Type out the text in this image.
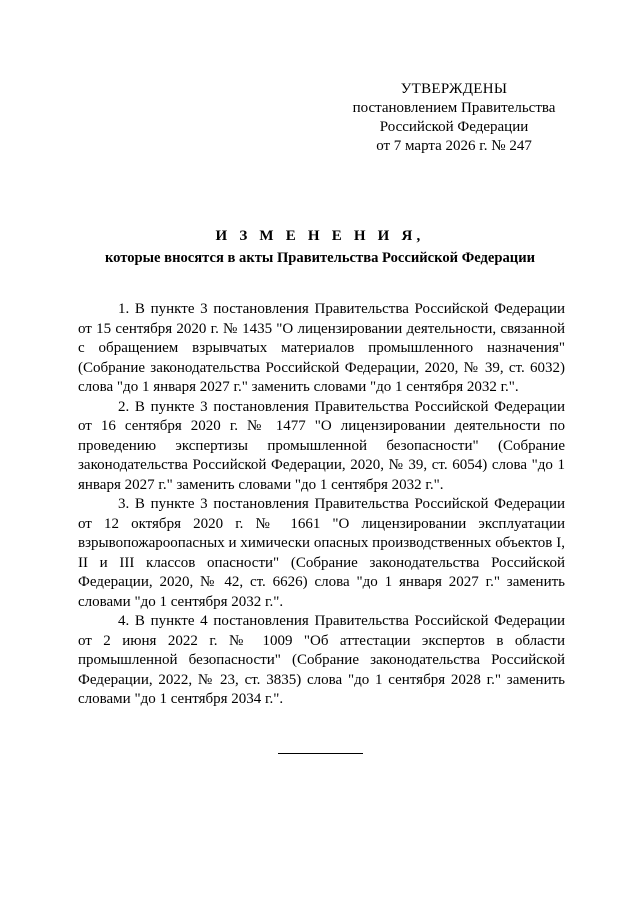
УТВЕРЖДЕНЫ
постановлением Правительства
Российской Федерации
от 7 марта 2026 г. № 247
И З М Е Н Е Н И Я,
которые вносятся в акты Правительства Российской Федерации

1. В пункте 3 постановления Правительства Российской Федерации от 15 сентября 2020 г. № 1435 "О лицензировании деятельности, связанной с обращением взрывчатых материалов промышленного назначения" (Собрание законодательства Российской Федерации, 2020, № 39, ст. 6032) слова "до 1 января 2027 г." заменить словами "до 1 сентября 2032 г.".

2. В пункте 3 постановления Правительства Российской Федерации от 16 сентября 2020 г. № 1477 "О лицензировании деятельности по проведению экспертизы промышленной безопасности" (Собрание законодательства Российской Федерации, 2020, № 39, ст. 6054) слова "до 1 января 2027 г." заменить словами "до 1 сентября 2032 г.".

3. В пункте 3 постановления Правительства Российской Федерации от 12 октября 2020 г. № 1661 "О лицензировании эксплуатации взрывопожароопасных и химически опасных производственных объектов I, II и III классов опасности" (Собрание законодательства Российской Федерации, 2020, № 42, ст. 6626) слова "до 1 января 2027 г." заменить словами "до 1 сентября 2032 г.".

4. В пункте 4 постановления Правительства Российской Федерации от 2 июня 2022 г. № 1009 "Об аттестации экспертов в области промышленной безопасности" (Собрание законодательства Российской Федерации, 2022, № 23, ст. 3835) слова "до 1 сентября 2028 г." заменить словами "до 1 сентября 2034 г.".
